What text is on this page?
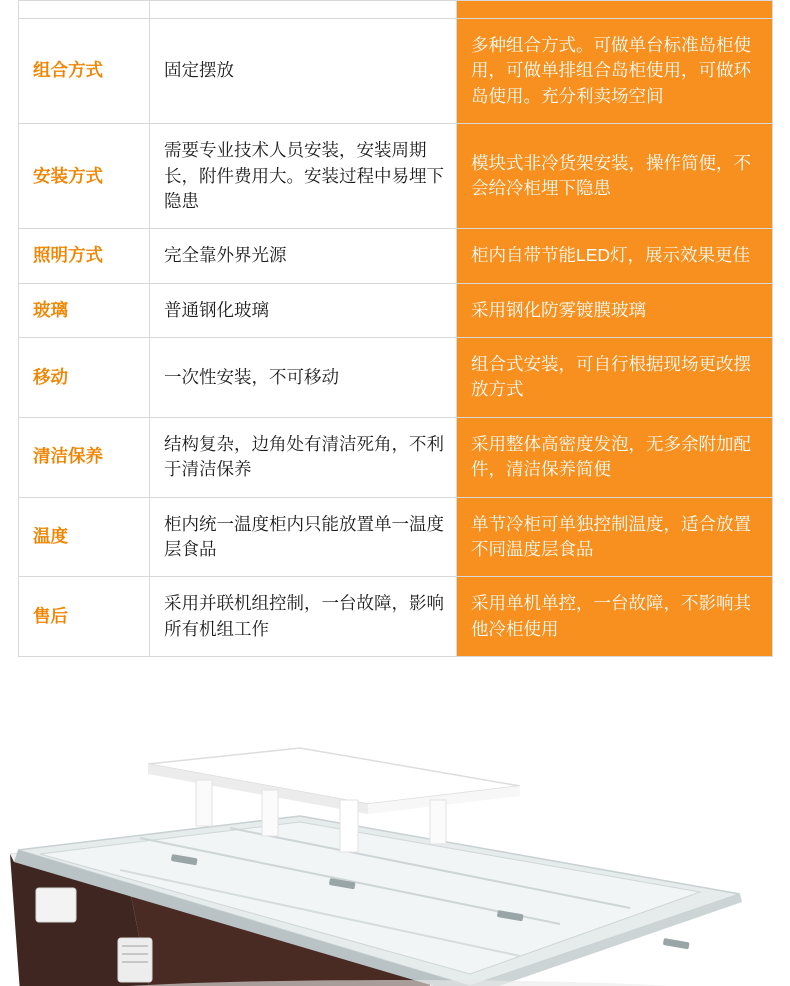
组合方式	固定摆放	多种组合方式。可做单台标准岛柜使用，可做单排组合岛柜使用，可做环岛使用。充分利卖场空间
安装方式	需要专业技术人员安装，安装周期长，附件费用大。安装过程中易埋下隐患	模块式非冷货架安装，操作简便，不会给冷柜埋下隐患
照明方式	完全靠外界光源	柜内自带节能LED灯，展示效果更佳
玻璃	普通钢化玻璃	采用钢化防雾镀膜玻璃
移动	一次性安装，不可移动	组合式安装，可自行根据现场更改摆放方式
清洁保养	结构复杂，边角处有清洁死角，不利于清洁保养	采用整体高密度发泡，无多余附加配件，清洁保养简便
温度	柜内统一温度柜内只能放置单一温度层食品	单节冷柜可单独控制温度，适合放置不同温度层食品
售后	采用并联机组控制，一台故障，影响所有机组工作	采用单机单控，一台故障，不影响其他冷柜使用
